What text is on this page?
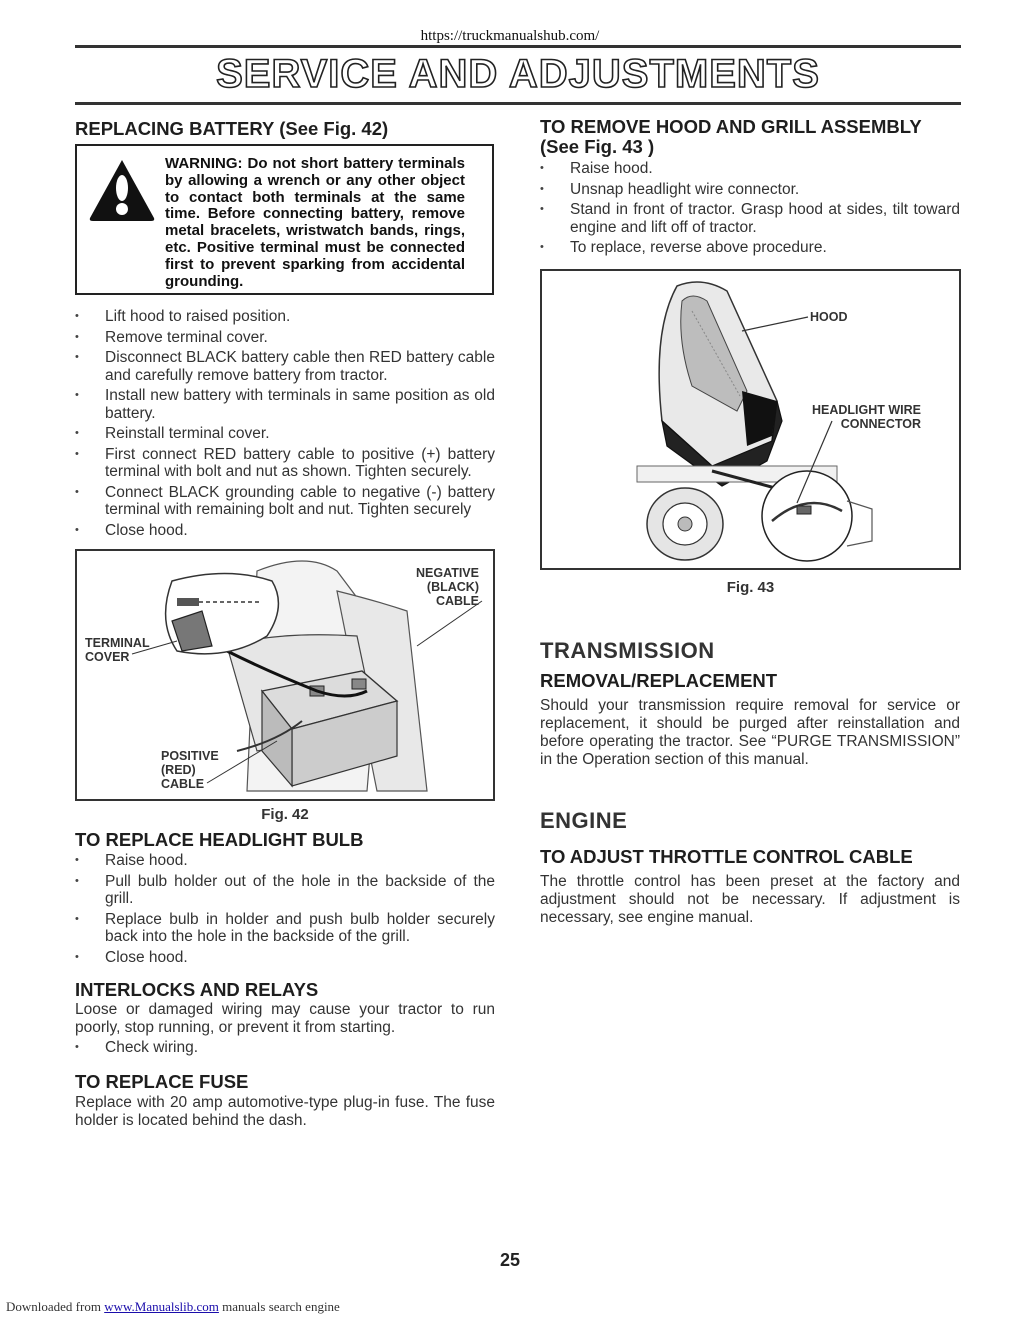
https://truckmanualshub.com/
SERVICE AND ADJUSTMENTS
REPLACING BATTERY (See Fig. 42)
WARNING: Do not short battery terminals by allowing a wrench or any other object to contact both terminals at the same time. Before connecting battery, remove metal bracelets, wristwatch bands, rings, etc. Positive terminal must be connected first to prevent sparking from accidental grounding.
• Lift hood to raised position.
• Remove terminal cover.
• Disconnect BLACK battery cable then RED battery cable and carefully remove battery from tractor.
• Install new battery with terminals in same position as old battery.
• Reinstall terminal cover.
• First connect RED battery cable to positive (+) battery terminal with bolt and nut as shown. Tighten securely.
• Connect BLACK grounding cable to negative (-) battery terminal with remaining bolt and nut. Tighten securely
• Close hood.
NEGATIVE
(BLACK)
CABLE
TERMINAL
COVER
POSITIVE
(RED)
CABLE
Fig. 42
TO REPLACE HEADLIGHT BULB
• Raise hood.
• Pull bulb holder out of the hole in the backside of the grill.
• Replace bulb in holder and push bulb holder securely back into the hole in the backside of the grill.
• Close hood.
INTERLOCKS AND RELAYS
Loose or damaged wiring may cause your tractor to run poorly, stop running, or prevent it from starting.
• Check wiring.
TO REPLACE FUSE
Replace with 20 amp automotive-type plug-in fuse. The fuse holder is located behind the dash.
TO REMOVE HOOD AND GRILL ASSEMBLY
(See Fig. 43 )
• Raise hood.
• Unsnap headlight wire connector.
• Stand in front of tractor. Grasp hood at sides, tilt toward engine and lift off of tractor.
• To replace, reverse above procedure.
HOOD
HEADLIGHT WIRE
CONNECTOR
Fig. 43
TRANSMISSION
REMOVAL/REPLACEMENT
Should your transmission require removal for service or replacement, it should be purged after reinstallation and before operating the tractor. See “PURGE TRANSMISSION” in the Operation section of this manual.
ENGINE
TO ADJUST THROTTLE CONTROL CABLE
The throttle control has been preset at the factory and adjustment should not be necessary. If adjustment is necessary, see engine manual.
25
Downloaded from www.Manualslib.com manuals search engine
